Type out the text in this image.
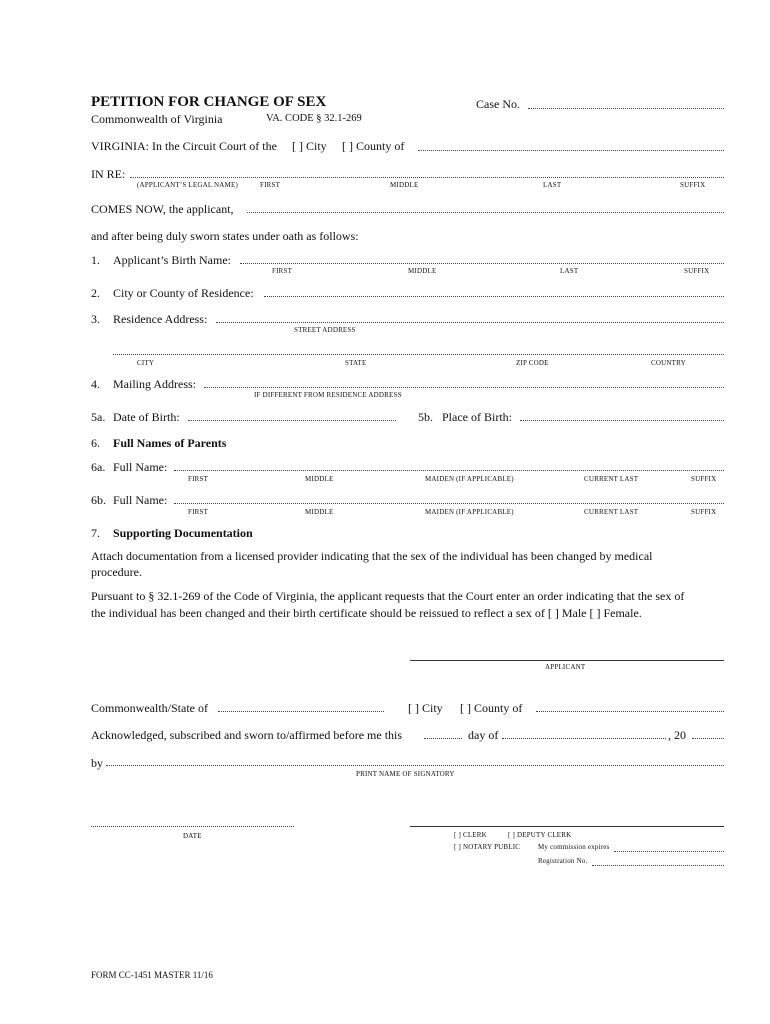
PETITION FOR CHANGE OF SEX	Case No.
Commonwealth of Virginia	VA. CODE § 32.1-269
VIRGINIA: In the Circuit Court of the [ ] City [ ] County of
IN RE:
(APPLICANT’S LEGAL NAME)	FIRST	MIDDLE	LAST	SUFFIX
COMES NOW, the applicant,
and after being duly sworn states under oath as follows:
1. Applicant’s Birth Name:
FIRST	MIDDLE	LAST	SUFFIX
2. City or County of Residence:
3. Residence Address:
STREET ADDRESS
CITY	STATE	ZIP CODE	COUNTRY
4. Mailing Address:
IF DIFFERENT FROM RESIDENCE ADDRESS
5a. Date of Birth:	5b. Place of Birth:
6. Full Names of Parents
6a. Full Name:
FIRST	MIDDLE	MAIDEN (IF APPLICABLE)	CURRENT LAST	SUFFIX
6b. Full Name:
FIRST	MIDDLE	MAIDEN (IF APPLICABLE)	CURRENT LAST	SUFFIX
7. Supporting Documentation
Attach documentation from a licensed provider indicating that the sex of the individual has been changed by medical
procedure.
Pursuant to § 32.1-269 of the Code of Virginia, the applicant requests that the Court enter an order indicating that the sex of
the individual has been changed and their birth certificate should be reissued to reflect a sex of [ ] Male [ ] Female.
APPLICANT
Commonwealth/State of	[ ] City [ ] County of
Acknowledged, subscribed and sworn to/affirmed before me this	day of	, 20
by
PRINT NAME OF SIGNATORY
DATE	[ ] CLERK	[ ] DEPUTY CLERK
[ ] NOTARY PUBLIC	My commission expires
Registration No.
FORM CC-1451 MASTER 11/16
